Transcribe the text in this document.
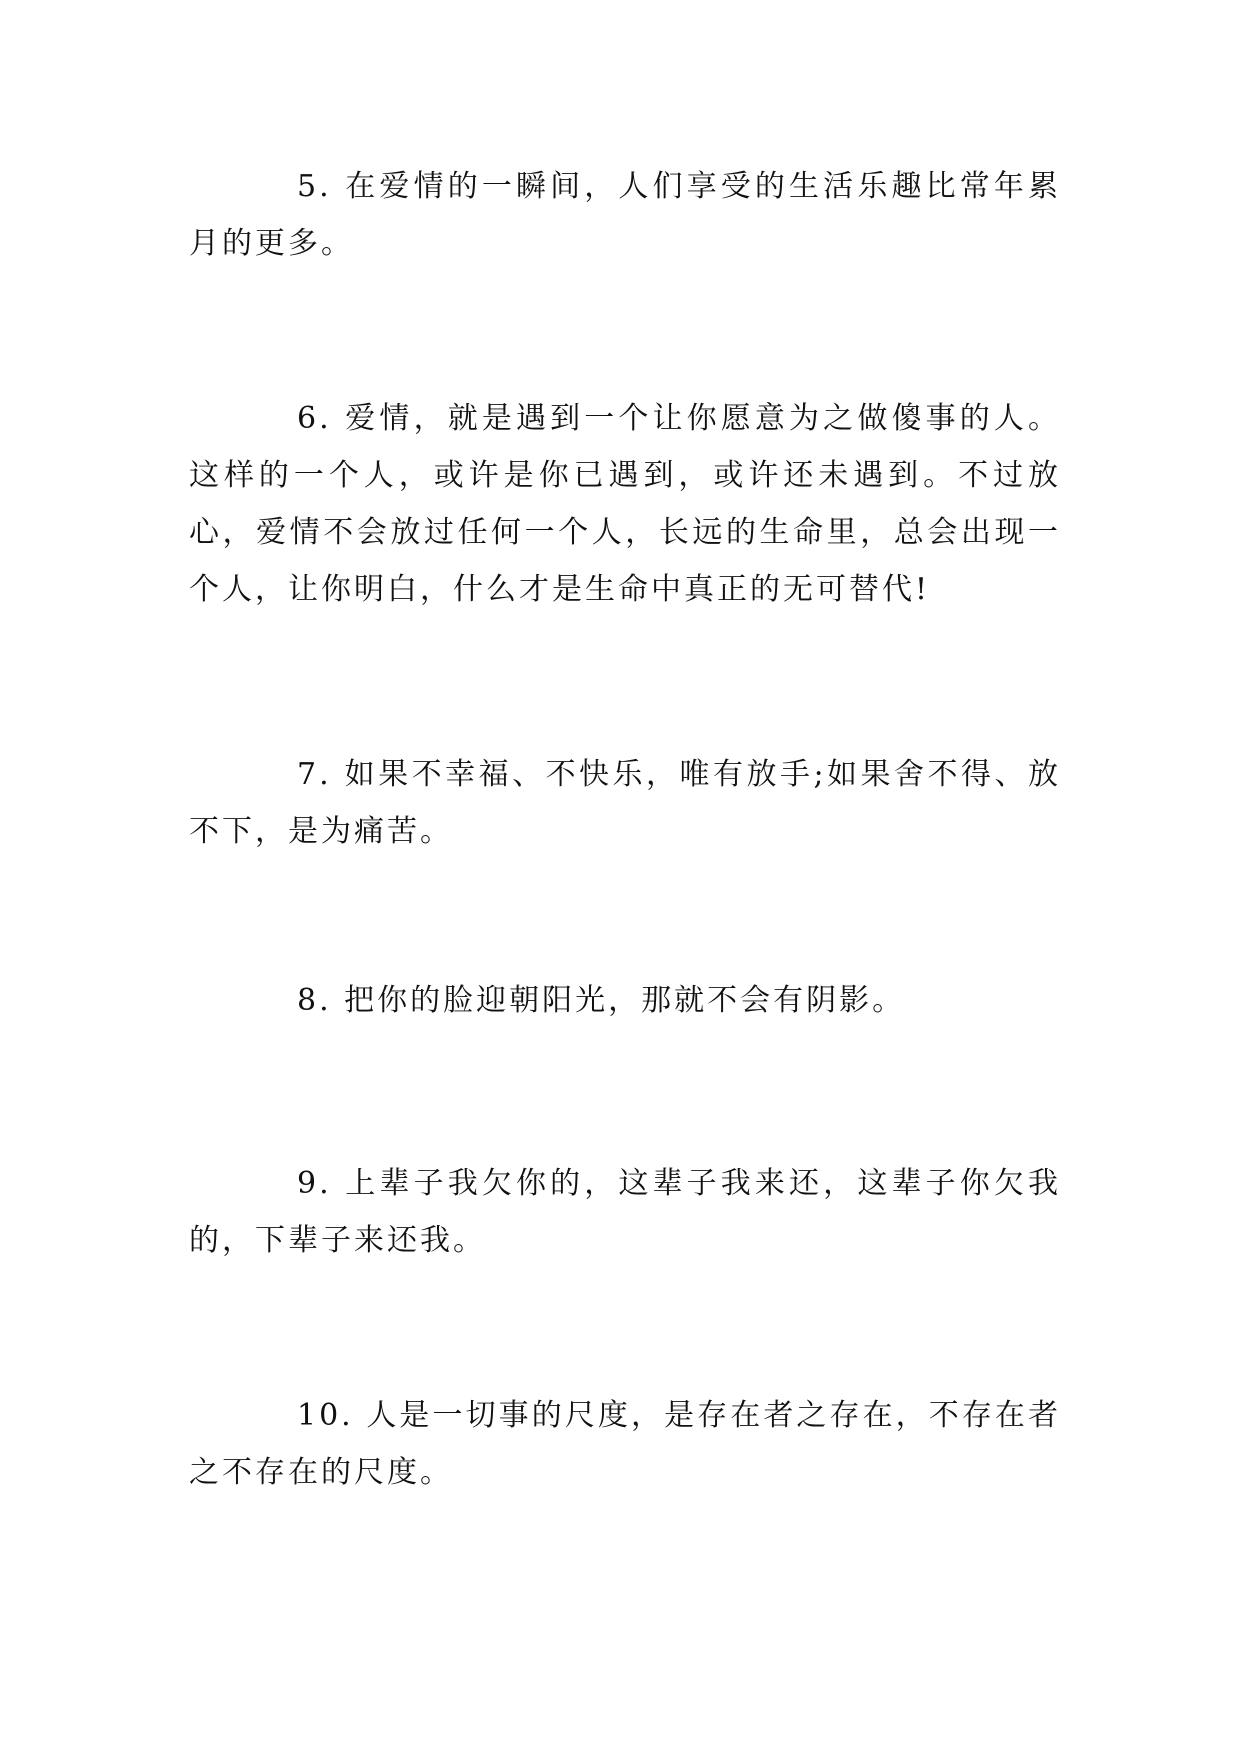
5. 在爱情的一瞬间，人们享受的生活乐趣比常年累月的更多。

6. 爱情，就是遇到一个让你愿意为之做傻事的人。这样的一个人，或许是你已遇到，或许还未遇到。不过放心，爱情不会放过任何一个人，长远的生命里，总会出现一个人，让你明白，什么才是生命中真正的无可替代!

7. 如果不幸福、不快乐，唯有放手;如果舍不得、放不下，是为痛苦。

8. 把你的脸迎朝阳光，那就不会有阴影。

9. 上辈子我欠你的，这辈子我来还，这辈子你欠我的，下辈子来还我。

10. 人是一切事的尺度，是存在者之存在，不存在者之不存在的尺度。
